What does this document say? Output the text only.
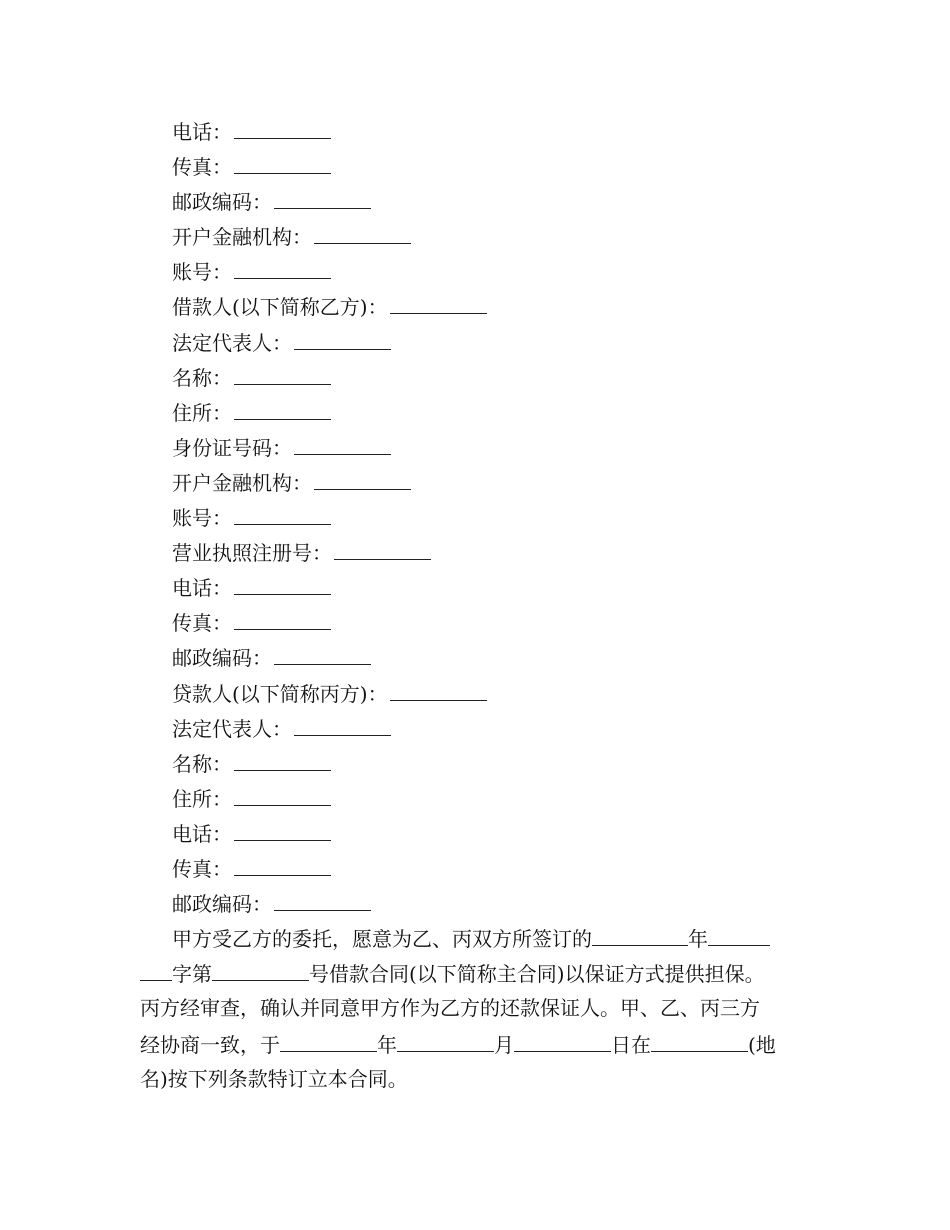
电话：
传真：
邮政编码：
开户金融机构：
账号：
借款人(以下简称乙方)：
法定代表人：
名称：
住所：
身份证号码：
开户金融机构：
账号：
营业执照注册号：
电话：
传真：
邮政编码：
贷款人(以下简称丙方)：
法定代表人：
名称：
住所：
电话：
传真：
邮政编码：
甲方受乙方的委托，愿意为乙、丙双方所签订的	年
字第	号借款合同(以下简称主合同)以保证方式提供担保。
丙方经审查，确认并同意甲方作为乙方的还款保证人。甲、乙、丙三方
经协商一致，于	年	月	日在	(地
名)按下列条款特订立本合同。
